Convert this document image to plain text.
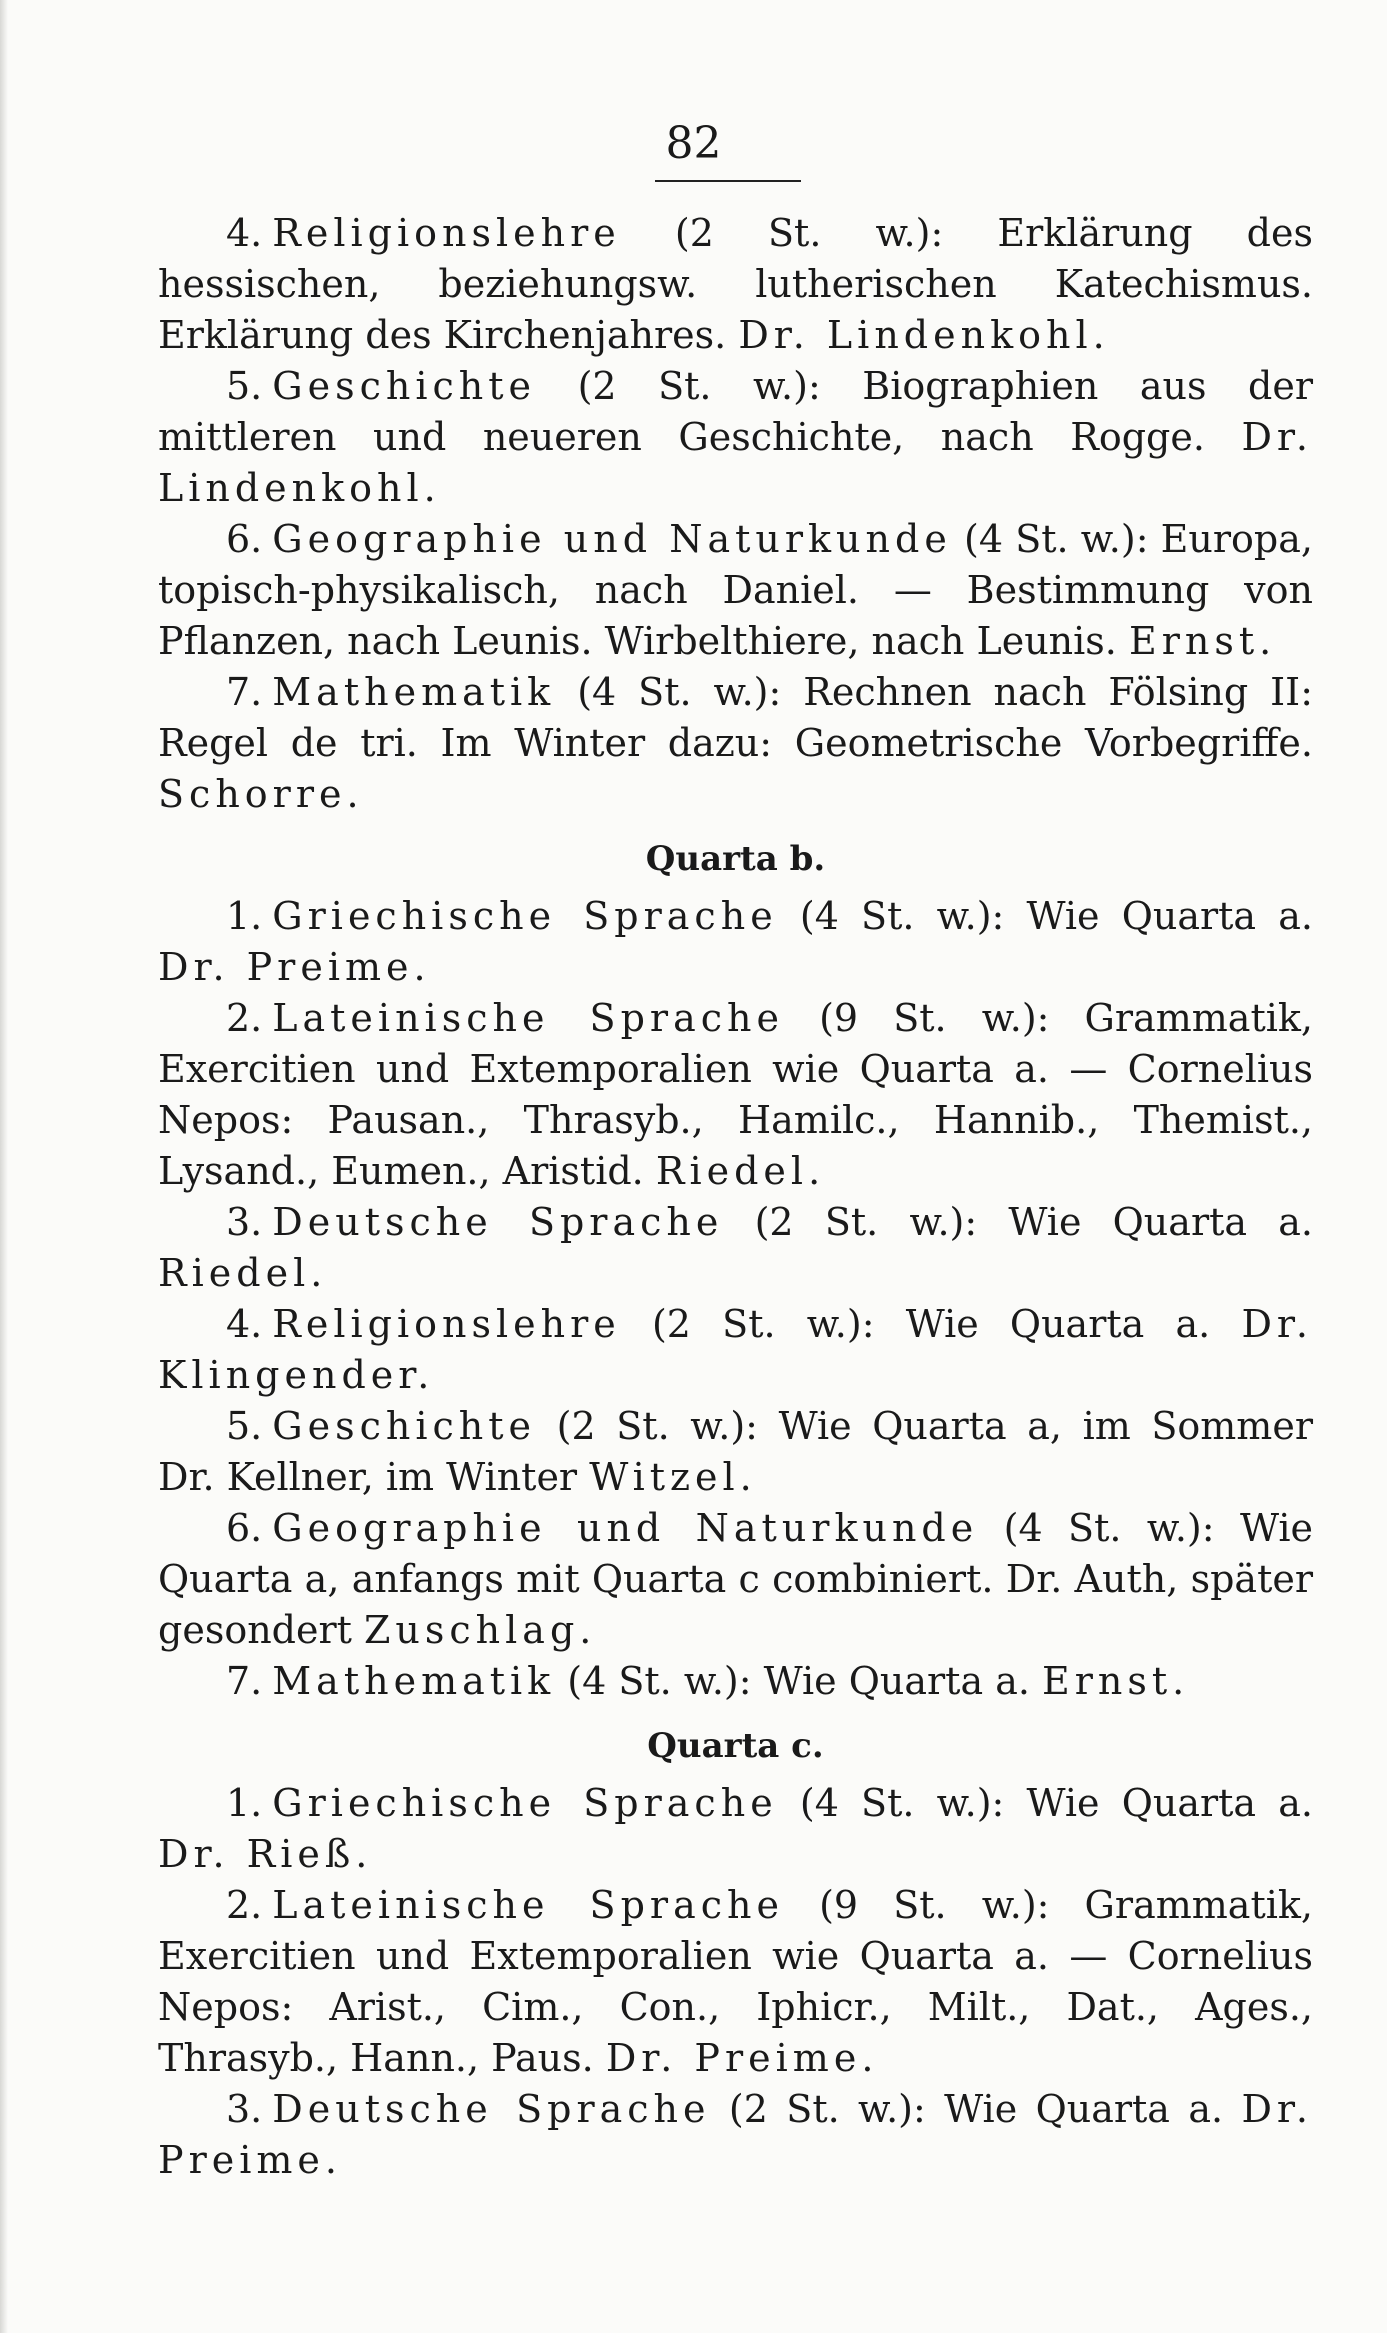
82
4. Religionslehre (2 St. w.): Erklärung des hessischen, beziehungsw. lutherischen Katechismus. Erklärung des Kirchenjahres. Dr. Lindenkohl.
5. Geschichte (2 St. w.): Biographien aus der mittleren und neueren Geschichte, nach Rogge. Dr. Lindenkohl.
6. Geographie und Naturkunde (4 St. w.): Europa, topisch-physikalisch, nach Daniel. — Bestimmung von Pflanzen, nach Leunis. Wirbelthiere, nach Leunis. Ernst.
7. Mathematik (4 St. w.): Rechnen nach Fölsing II: Regel de tri. Im Winter dazu: Geometrische Vorbegriffe. Schorre.
Quarta b.
1. Griechische Sprache (4 St. w.): Wie Quarta a. Dr. Preime.
2. Lateinische Sprache (9 St. w.): Grammatik, Exercitien und Extemporalien wie Quarta a. — Cornelius Nepos: Pausan., Thrasyb., Hamilc., Hannib., Themist., Lysand., Eumen., Aristid. Riedel.
3. Deutsche Sprache (2 St. w.): Wie Quarta a. Riedel.
4. Religionslehre (2 St. w.): Wie Quarta a. Dr. Klingender.
5. Geschichte (2 St. w.): Wie Quarta a, im Sommer Dr. Kellner, im Winter Witzel.
6. Geographie und Naturkunde (4 St. w.): Wie Quarta a, anfangs mit Quarta c combiniert. Dr. Auth, später gesondert Zuschlag.
7. Mathematik (4 St. w.): Wie Quarta a. Ernst.
Quarta c.
1. Griechische Sprache (4 St. w.): Wie Quarta a. Dr. Rieß.
2. Lateinische Sprache (9 St. w.): Grammatik, Exercitien und Extemporalien wie Quarta a. — Cornelius Nepos: Arist., Cim., Con., Iphicr., Milt., Dat., Ages., Thrasyb., Hann., Paus. Dr. Preime.
3. Deutsche Sprache (2 St. w.): Wie Quarta a. Dr. Preime.
